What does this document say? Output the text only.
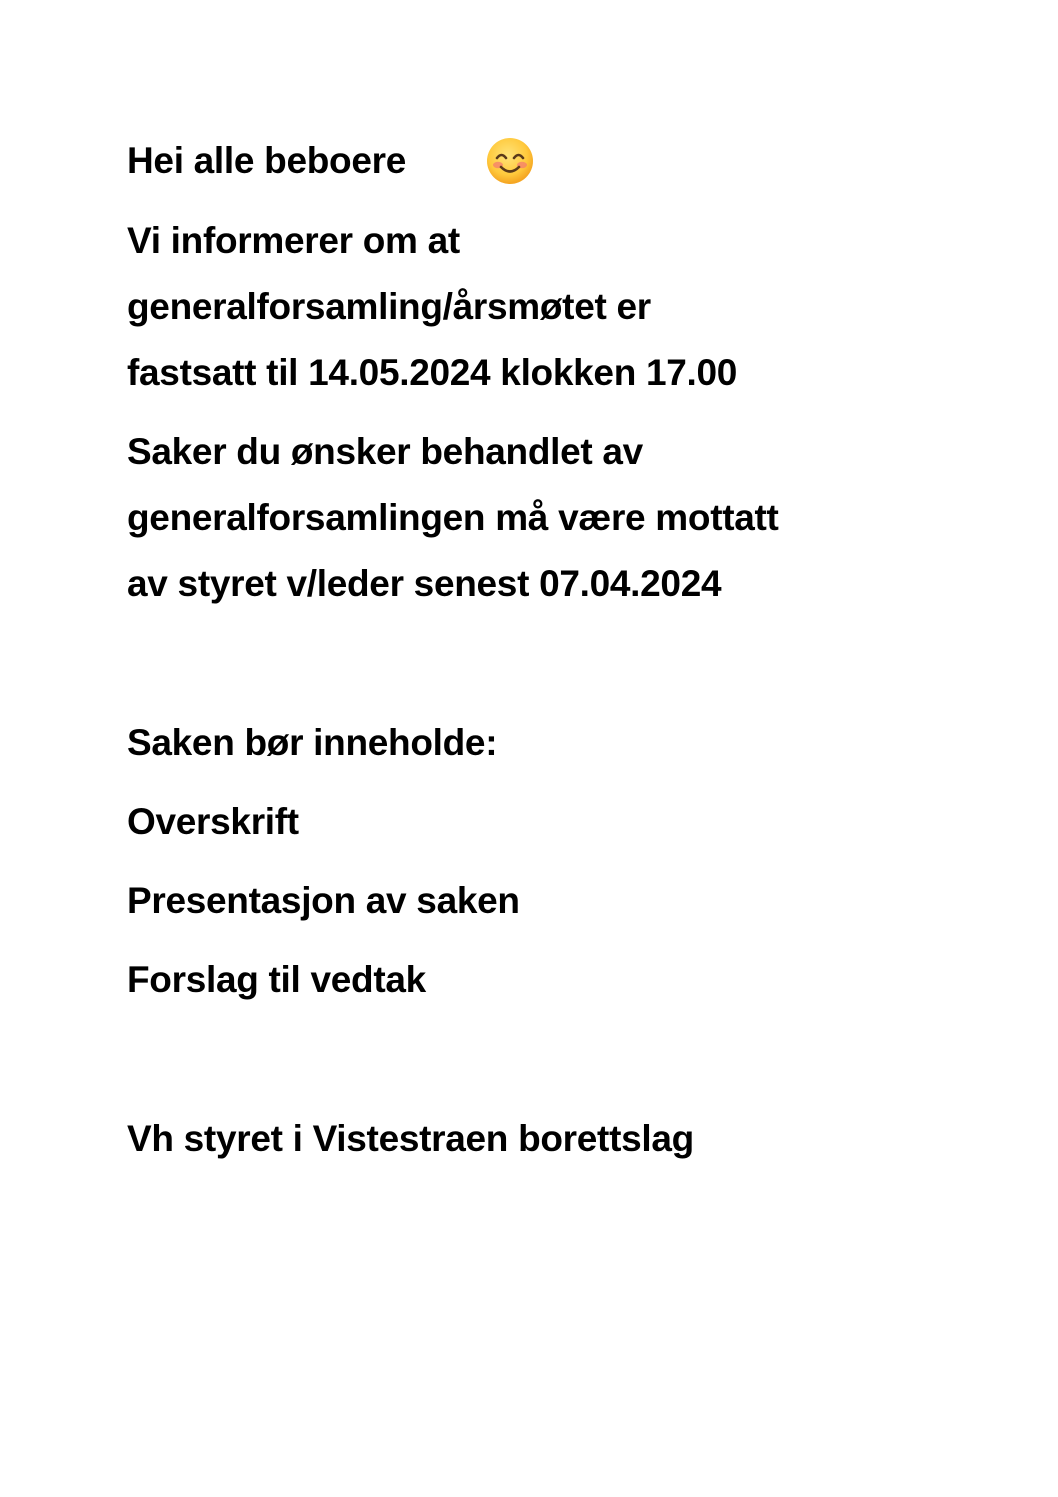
Hei alle beboere
Vi informerer om at
generalforsamling/årsmøtet er
fastsatt til 14.05.2024 klokken 17.00
Saker du ønsker behandlet av
generalforsamlingen må være mottatt
av styret v/leder senest 07.04.2024
Saken bør inneholde:
Overskrift
Presentasjon av saken
Forslag til vedtak
Vh styret i Vistestraen borettslag
